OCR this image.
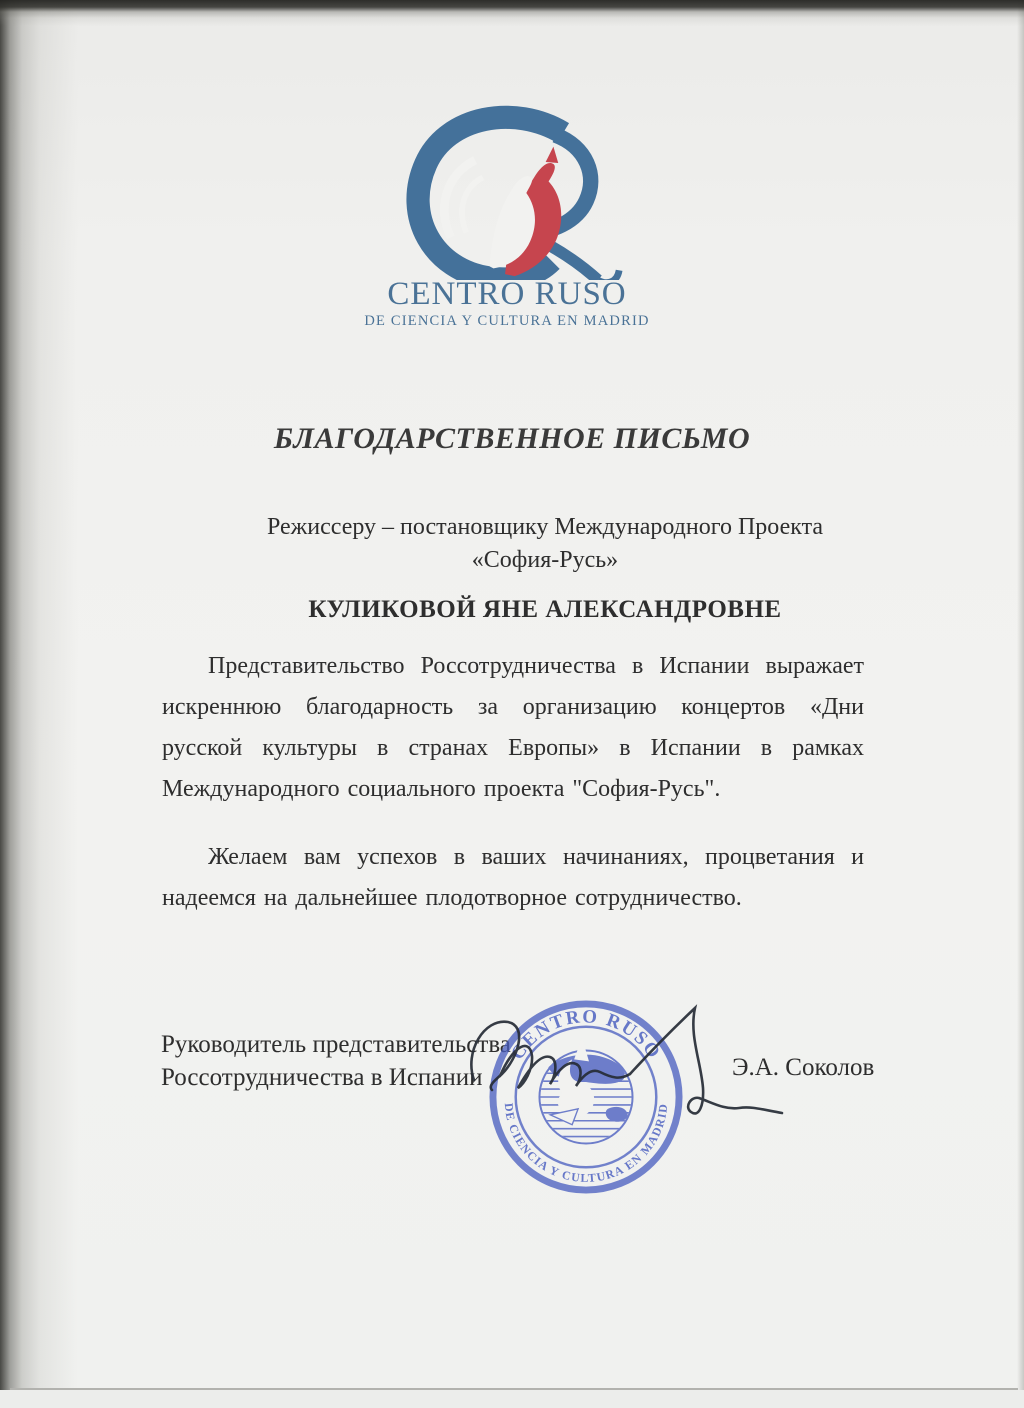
CENTRO RUSO
DE CIENCIA Y CULTURA EN MADRID
БЛАГОДАРСТВЕННОЕ ПИСЬМО
Режиссеру – постановщику Международного Проекта
«София-Русь»
КУЛИКОВОЙ ЯНЕ АЛЕКСАНДРОВНЕ

Представительство Россотрудничества в Испании выражает искреннюю благодарность за организацию концертов «Дни русской культуры в странах Европы» в Испании в рамках Международного социального проекта "София-Русь".

Желаем вам успехов в ваших начинаниях, процветания и надеемся на дальнейшее плодотворное сотрудничество.

Руководитель представительства
Россотрудничества в Испании
CENTRO RUSO
DE CIENCIA Y CULTURA EN MADRID
Э.А. Соколов
